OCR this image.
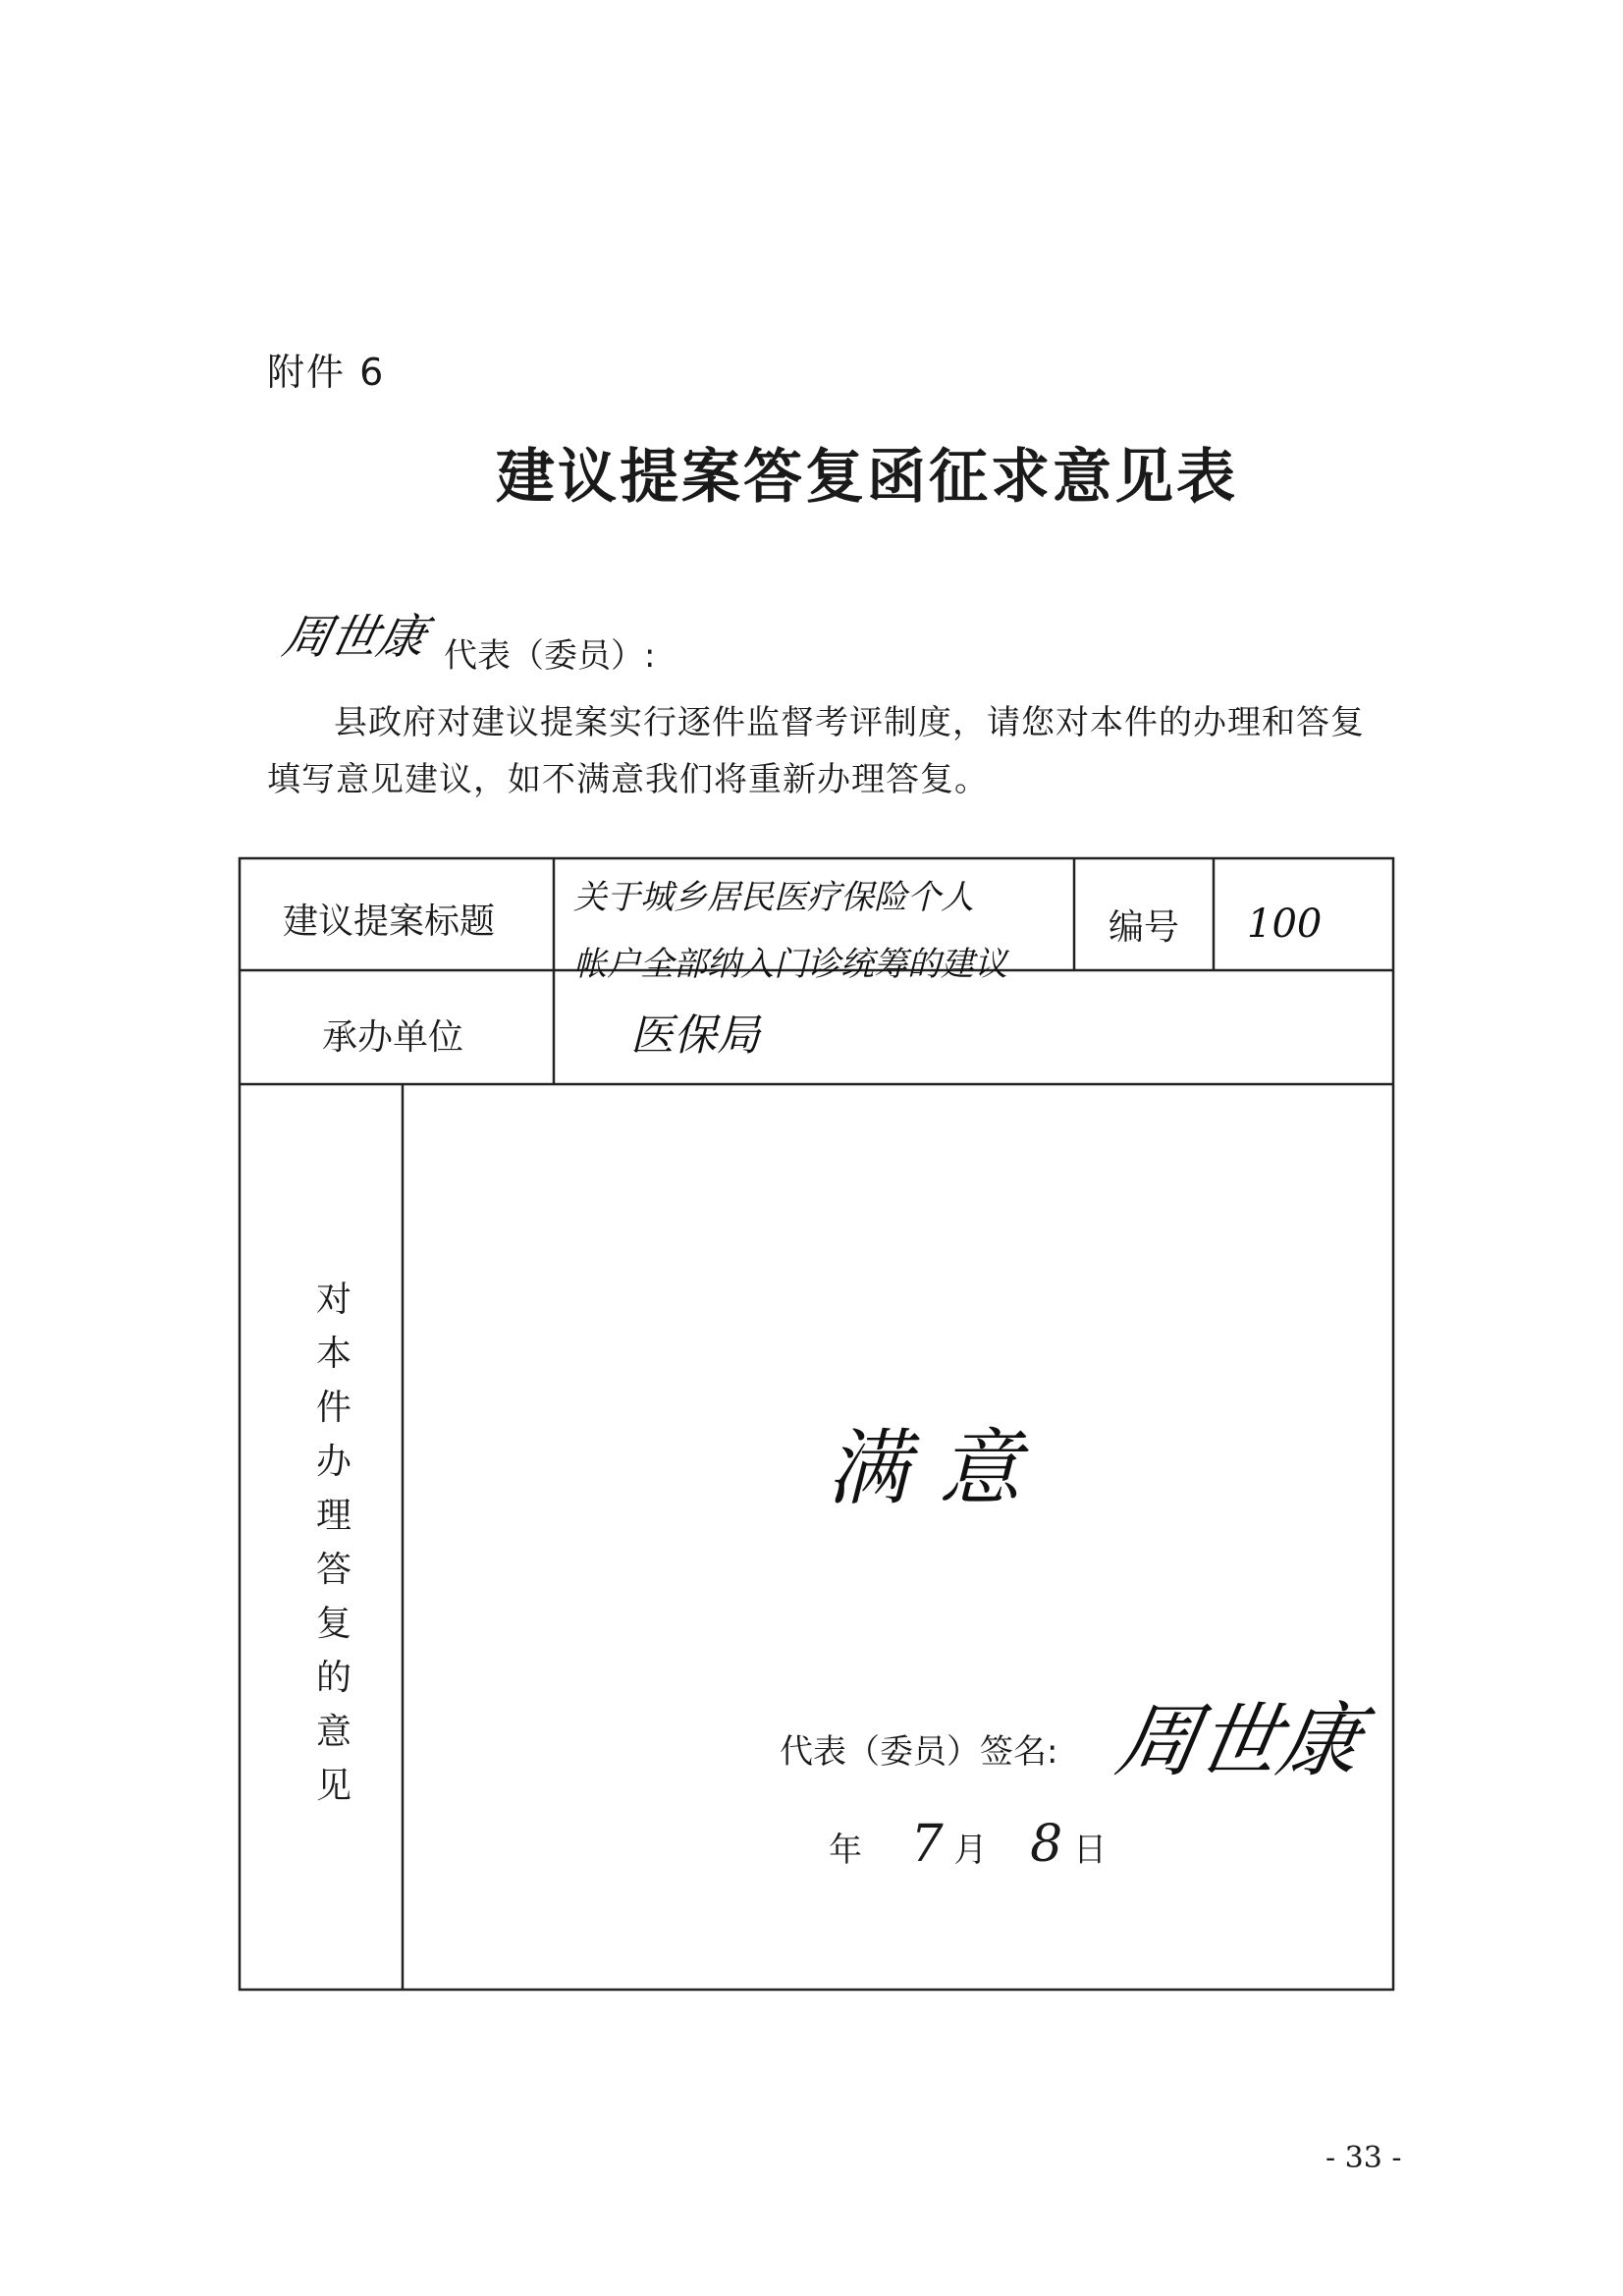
附件 6
建议提案答复函征求意见表
周世康 代表（委员）:
县政府对建议提案实行逐件监督考评制度，请您对本件的办理和答复
填写意见建议，如不满意我们将重新办理答复。
建议提案标题
关于城乡居民医疗保险个人
帐户全部纳入门诊统筹的建议
编号 100
承办单位	医保局
对本件办理答复的意见
满意
代表（委员）签名: 周世康
年 7 月 8 日
- 33 -
